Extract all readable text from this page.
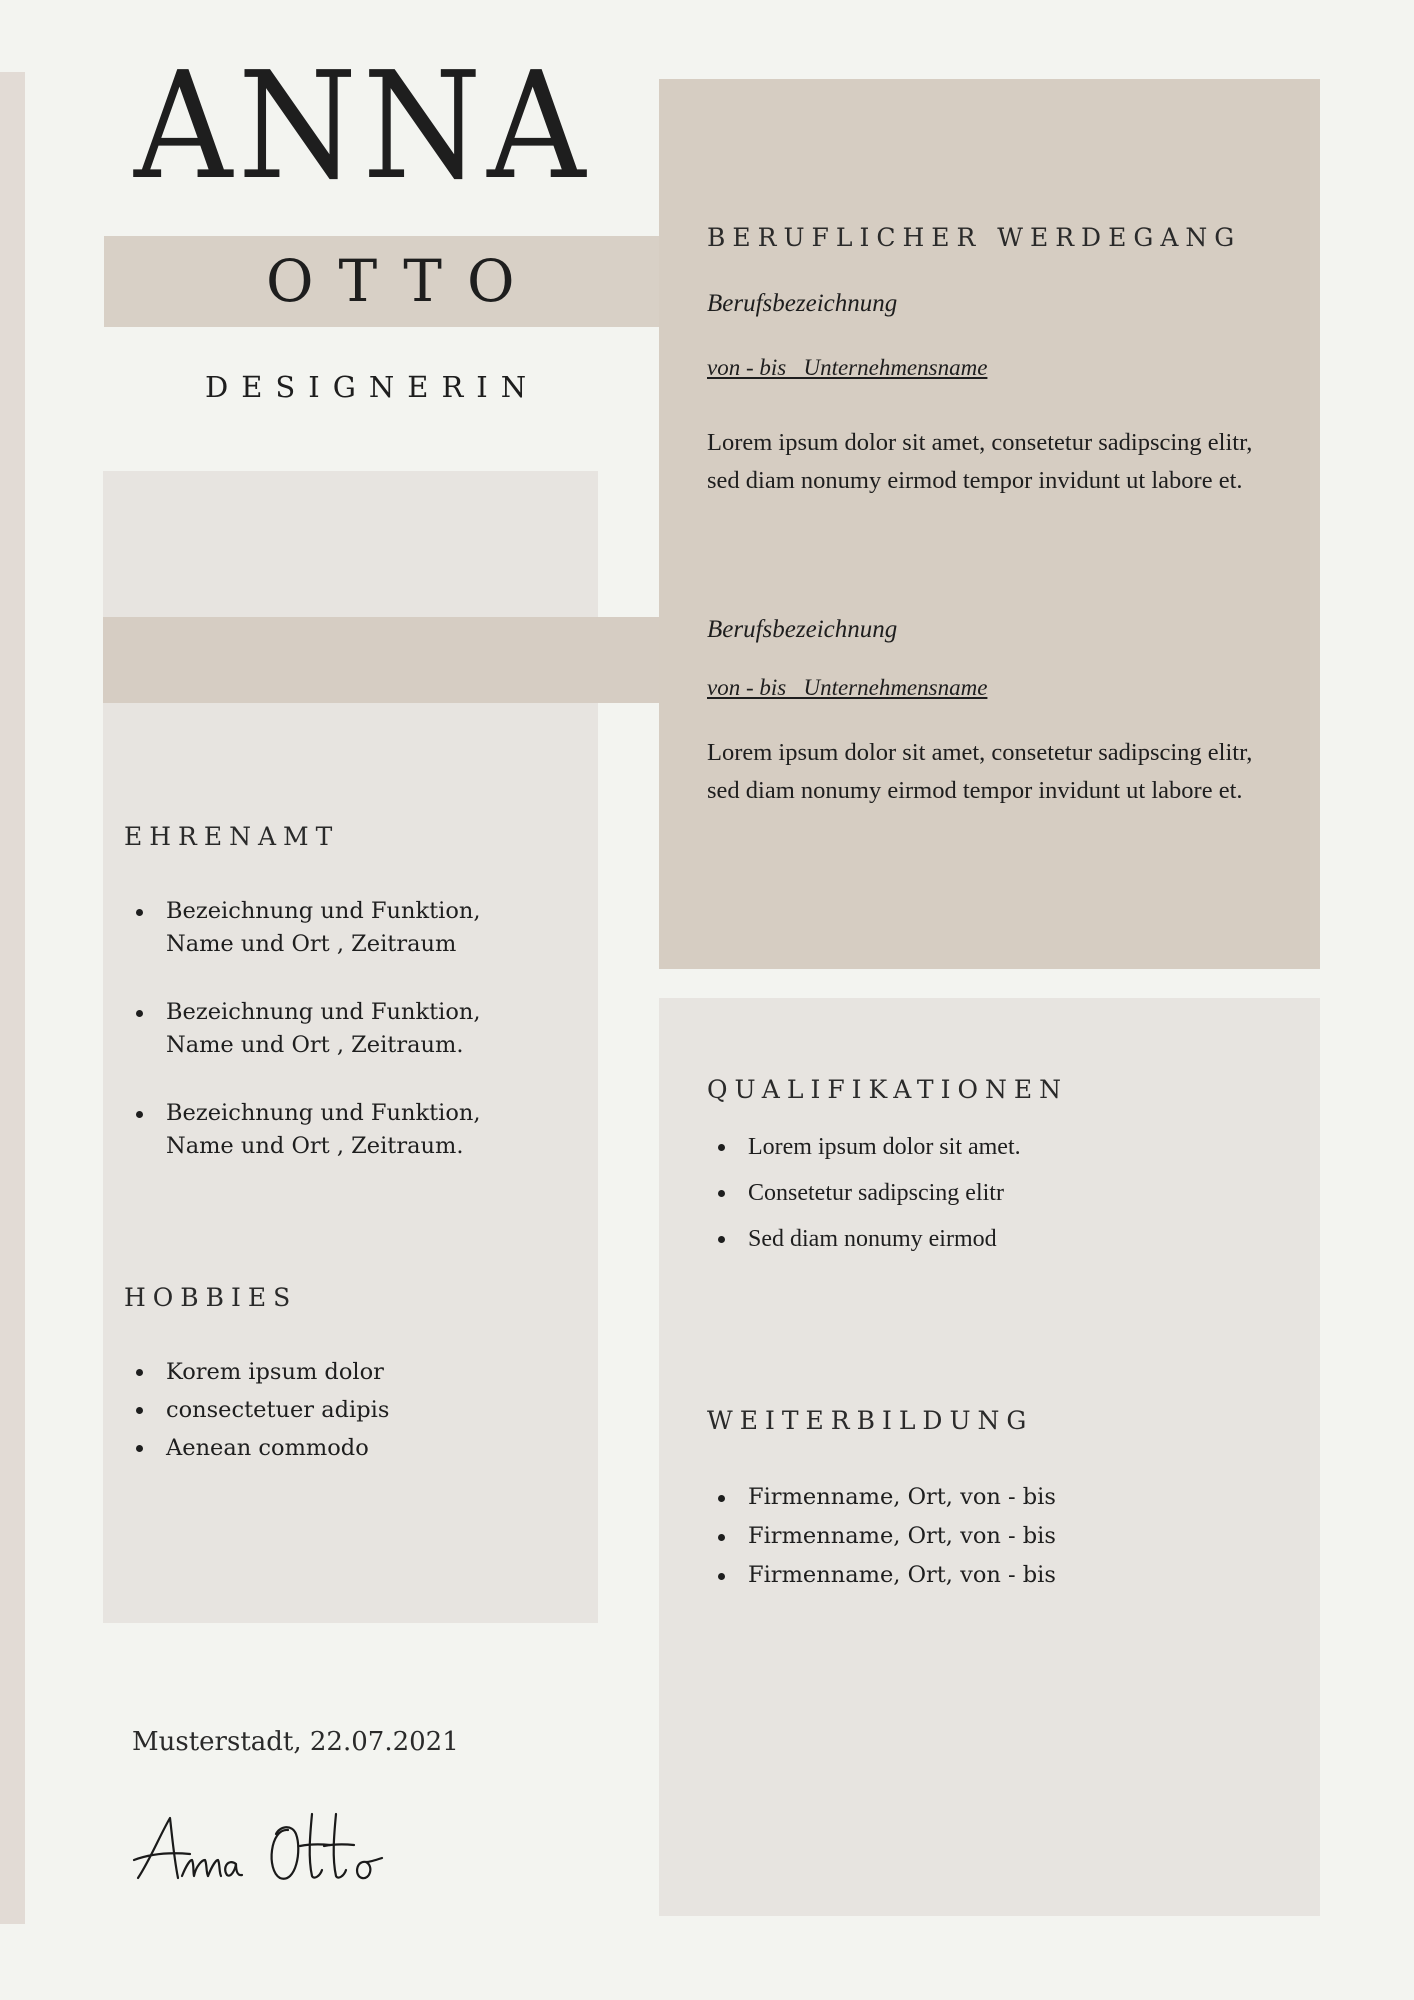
ANNA
OTTO
DESIGNERIN
BERUFLICHER WERDEGANG
Berufsbezeichnung
von - bis   Unternehmensname
Lorem ipsum dolor sit amet, consetetur sadipscing elitr,
sed diam nonumy eirmod tempor invidunt ut labore et.
Berufsbezeichnung
von - bis   Unternehmensname
Lorem ipsum dolor sit amet, consetetur sadipscing elitr,
sed diam nonumy eirmod tempor invidunt ut labore et.
EHRENAMT
Bezeichnung und Funktion,
Name und Ort , Zeitraum
Bezeichnung und Funktion,
Name und Ort , Zeitraum.
Bezeichnung und Funktion,
Name und Ort , Zeitraum.
HOBBIES
Korem ipsum dolor
consectetuer adipis
Aenean commodo
QUALIFIKATIONEN
Lorem ipsum dolor sit amet.
Consetetur sadipscing elitr
Sed diam nonumy eirmod
WEITERBILDUNG
Firmenname, Ort, von - bis
Firmenname, Ort, von - bis
Firmenname, Ort, von - bis
Musterstadt, 22.07.2021
